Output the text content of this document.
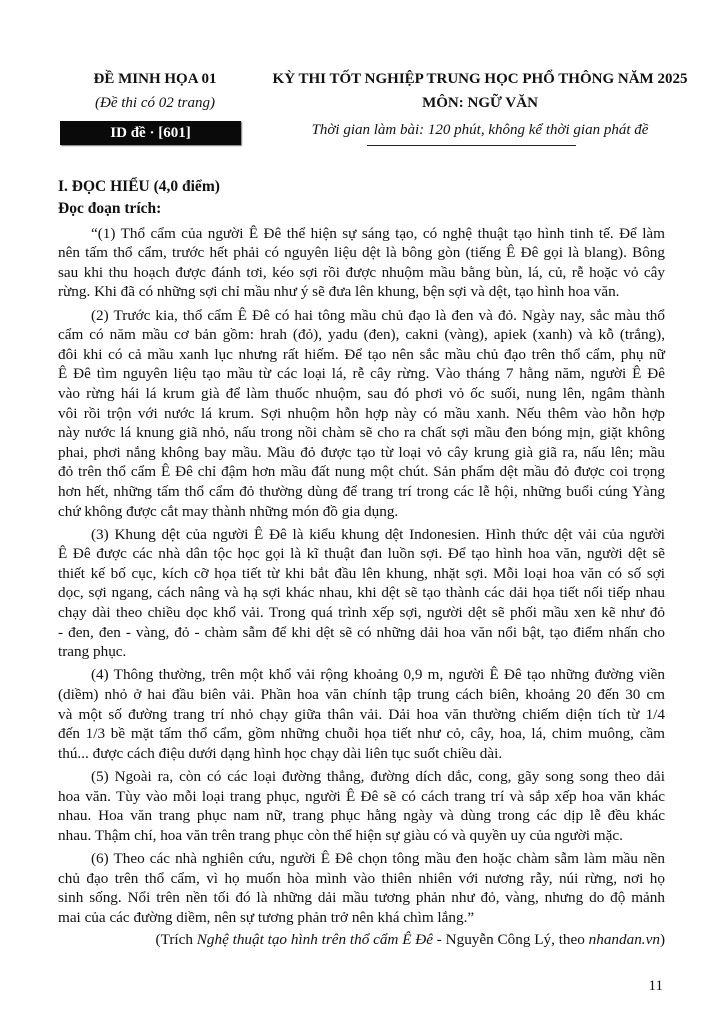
ĐỀ MINH HỌA 01
(Đề thi có 02 trang)
ID đề · [601]
KỲ THI TỐT NGHIỆP TRUNG HỌC PHỔ THÔNG NĂM 2025
MÔN: NGỮ VĂN
Thời gian làm bài: 120 phút, không kể thời gian phát đề
I. ĐỌC HIỂU (4,0 điểm)
Đọc đoạn trích:
“(1) Thổ cẩm của người Ê Đê thể hiện sự sáng tạo, có nghệ thuật tạo hình tinh tế. Để làm
nên tấm thổ cẩm, trước hết phải có nguyên liệu dệt là bông gòn (tiếng Ê Đê gọi là blang). Bông
sau khi thu hoạch được đánh tơi, kéo sợi rồi được nhuộm mầu bằng bùn, lá, củ, rễ hoặc vỏ cây
rừng. Khi đã có những sợi chỉ mầu như ý sẽ đưa lên khung, bện sợi và dệt, tạo hình hoa văn.
(2) Trước kia, thổ cẩm Ê Đê có hai tông mầu chủ đạo là đen và đỏ. Ngày nay, sắc màu thổ
cẩm có năm mầu cơ bản gồm: hrah (đỏ), yadu (đen), cakni (vàng), apiek (xanh) và kỗ (trắng),
đôi khi có cả mầu xanh lục nhưng rất hiếm. Để tạo nên sắc mầu chủ đạo trên thổ cẩm, phụ nữ
Ê Đê tìm nguyên liệu tạo mầu từ các loại lá, rễ cây rừng. Vào tháng 7 hằng năm, người Ê Đê
vào rừng hái lá krum già để làm thuốc nhuộm, sau đó phơi vỏ ốc suối, nung lên, ngâm thành
vôi rồi trộn với nước lá krum. Sợi nhuộm hỗn hợp này có mầu xanh. Nếu thêm vào hỗn hợp
này nước lá knung giã nhỏ, nấu trong nồi chàm sẽ cho ra chất sợi mầu đen bóng mịn, giặt không
phai, phơi nắng không bay mầu. Mầu đỏ được tạo từ loại vỏ cây krung già giã ra, nấu lên; mầu
đỏ trên thổ cẩm Ê Đê chỉ đậm hơn mầu đất nung một chút. Sản phẩm dệt mầu đỏ được coi trọng
hơn hết, những tấm thổ cẩm đỏ thường dùng để trang trí trong các lễ hội, những buổi cúng Yàng
chứ không được cắt may thành những món đồ gia dụng.
(3) Khung dệt của người Ê Đê là kiểu khung dệt Indonesien. Hình thức dệt vải của người
Ê Đê được các nhà dân tộc học gọi là kĩ thuật đan luồn sợi. Để tạo hình hoa văn, người dệt sẽ
thiết kế bố cục, kích cỡ họa tiết từ khi bắt đầu lên khung, nhặt sợi. Mỗi loại hoa văn có số sợi
dọc, sợi ngang, cách nâng và hạ sợi khác nhau, khi dệt sẽ tạo thành các dải họa tiết nối tiếp nhau
chạy dài theo chiều dọc khổ vải. Trong quá trình xếp sợi, người dệt sẽ phối mầu xen kẽ như đỏ
- đen, đen - vàng, đỏ - chàm sẫm để khi dệt sẽ có những dải hoa văn nổi bật, tạo điểm nhấn cho
trang phục.
(4) Thông thường, trên một khổ vải rộng khoảng 0,9 m, người Ê Đê tạo những đường viền
(diềm) nhỏ ở hai đầu biên vải. Phần hoa văn chính tập trung cách biên, khoảng 20 đến 30 cm
và một số đường trang trí nhỏ chạy giữa thân vải. Dải hoa văn thường chiếm diện tích từ 1/4
đến 1/3 bề mặt tấm thổ cẩm, gồm những chuỗi họa tiết như cỏ, cây, hoa, lá, chim muông, cầm
thú... được cách điệu dưới dạng hình học chạy dài liên tục suốt chiều dài.
(5) Ngoài ra, còn có các loại đường thẳng, đường dích dắc, cong, gãy song song theo dải
hoa văn. Tùy vào mỗi loại trang phục, người Ê Đê sẽ có cách trang trí và sắp xếp hoa văn khác
nhau. Hoa văn trang phục nam nữ, trang phục hằng ngày và dùng trong các dịp lễ đều khác
nhau. Thậm chí, hoa văn trên trang phục còn thể hiện sự giàu có và quyền uy của người mặc.
(6) Theo các nhà nghiên cứu, người Ê Đê chọn tông mầu đen hoặc chàm sẫm làm mầu nền
chủ đạo trên thổ cẩm, vì họ muốn hòa mình vào thiên nhiên với nương rẫy, núi rừng, nơi họ
sinh sống. Nổi trên nền tối đó là những dải mầu tương phản như đỏ, vàng, nhưng do độ mảnh
mai của các đường diềm, nên sự tương phản trở nên khá chìm lắng.”
(Trích Nghệ thuật tạo hình trên thổ cẩm Ê Đê - Nguyễn Công Lý, theo nhandan.vn)
11
